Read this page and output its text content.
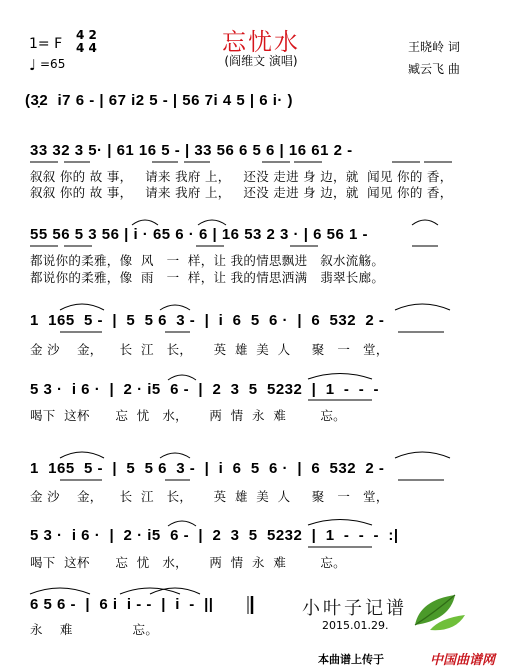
忘忧水
(阎维文 演唱)
1= F
4 2
4 4
♩ =65
王晓岭 词
臧云飞 曲
(3̣2  i7 6 - | 67 i2 5 - | 56 7i 4 5 | 6 i· )
33 32 3 5· | 61 16 5 - | 33 56 6 5 6 | 16 61 2 -
叙叙 你的 故 事，   请来 我府 上，   还没 走进 身 边，就  闻见 你的 香，
叙叙 你的 故 事，   请来 我府 上，   还没 走进 身 边，就  闻见 你的 香，
55 56 5 3 56 | i · 65 6 · 6 | 16 53 2 3 · | 6 56 1 -
都说你的柔雅，像  风   一  样，让 我的情思飘进   叙水流觞。
都说你的柔雅，像  雨   一  样，让 我的情思洒满   翡翠长廊。
1  165  5 -  |  5  5 6  3 -  |  i  6  5  6 ·  |  6  532  2 -
金 沙    金，    长  江   长，     英  雄  美  人     聚   一   堂，
5 3 ·  i 6 ·  |  2 · i5  6 -  |  2  3  5  5232  |  1  -  -  -
喝下  这杯      忘  忧   水，     两  情  永  难        忘。
1  165  5 -  |  5  5 6  3 -  |  i  6  5  6 ·  |  6  532  2 -
金 沙    金，    长  江   长，     英  雄  美  人     聚   一   堂，
5 3 ·  i 6 ·  |  2 · i5  6 -  |  2  3  5  5232  |  1  -  -  -  :|
喝下  这杯      忘  忧   水，     两  情  永  难        忘。
6 5 6 -  |  6 i  i - -  |  i  -  ||
永    难              忘。
小叶子记谱
2015.01.29.
本曲谱上传于	中国曲谱网
